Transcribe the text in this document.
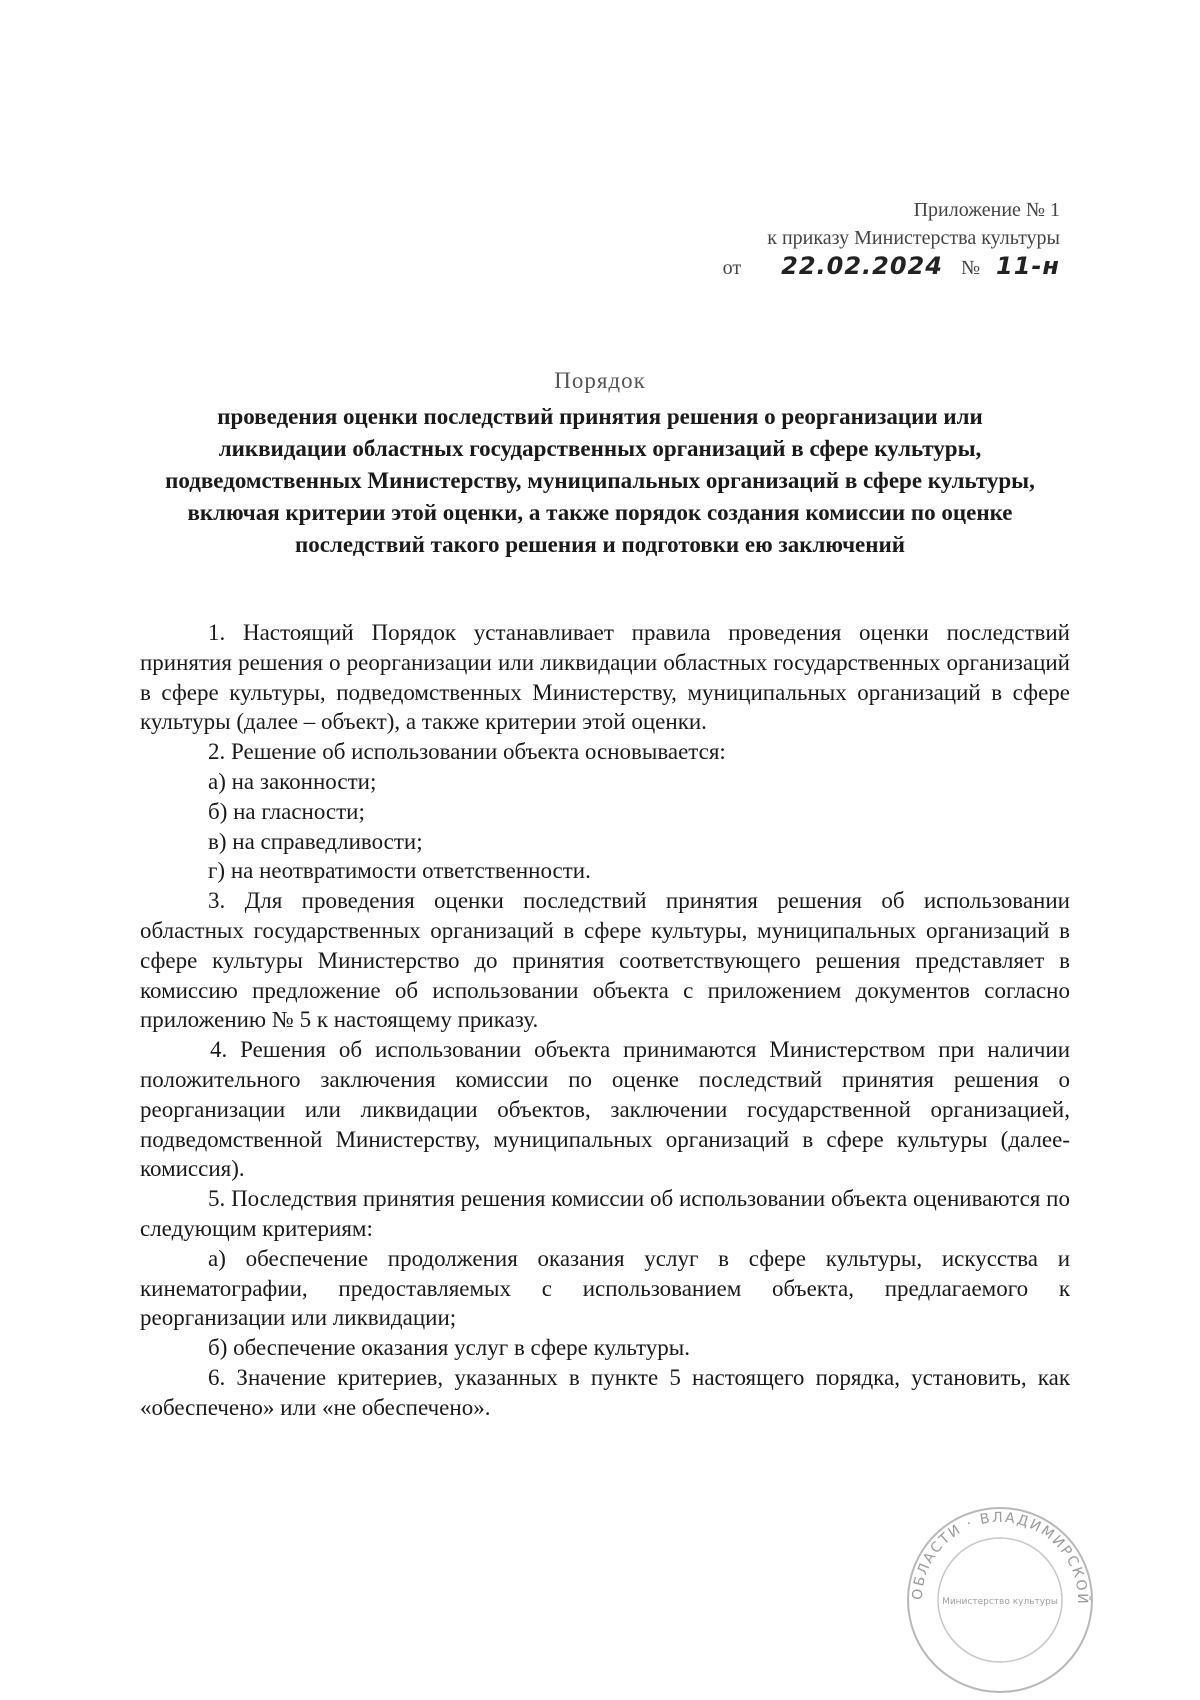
Приложение № 1
к приказу Министерства культуры
от 22.02.2024 № 11-н
Порядок
проведения оценки последствий принятия решения о реорганизации или ликвидации областных государственных организаций в сфере культуры, подведомственных Министерству, муниципальных организаций в сфере культуры, включая критерии этой оценки, а также порядок создания комиссии по оценке последствий такого решения и подготовки ею заключений

1. Настоящий Порядок устанавливает правила проведения оценки последствий принятия решения о реорганизации или ликвидации областных государственных организаций в сфере культуры, подведомственных Министерству, муниципальных организаций в сфере культуры (далее – объект), а также критерии этой оценки.

2. Решение об использовании объекта основывается:

а) на законности;

б) на гласности;

в) на справедливости;

г) на неотвратимости ответственности.

3. Для проведения оценки последствий принятия решения об использовании областных государственных организаций в сфере культуры, муниципальных организаций в сфере культуры Министерство до принятия соответствующего решения представляет в комиссию предложение об использовании объекта с приложением документов согласно приложению № 5 к настоящему приказу.

4. Решения об использовании объекта принимаются Министерством при наличии положительного заключения комиссии по оценке последствий принятия решения о реорганизации или ликвидации объектов, заключении государственной организацией, подведомственной Министерству, муниципальных организаций в сфере культуры (далее-комиссия).

5. Последствия принятия решения комиссии об использовании объекта оцениваются по следующим критериям:

а) обеспечение продолжения оказания услуг в сфере культуры, искусства и кинематографии, предоставляемых с использованием объекта, предлагаемого к реорганизации или ликвидации;

б) обеспечение оказания услуг в сфере культуры.

6. Значение критериев, указанных в пункте 5 настоящего порядка, установить, как «обеспечено» или «не обеспечено».

ОБЛАСТИ · ВЛАДИМИРСКОЙ
Министерство культуры
